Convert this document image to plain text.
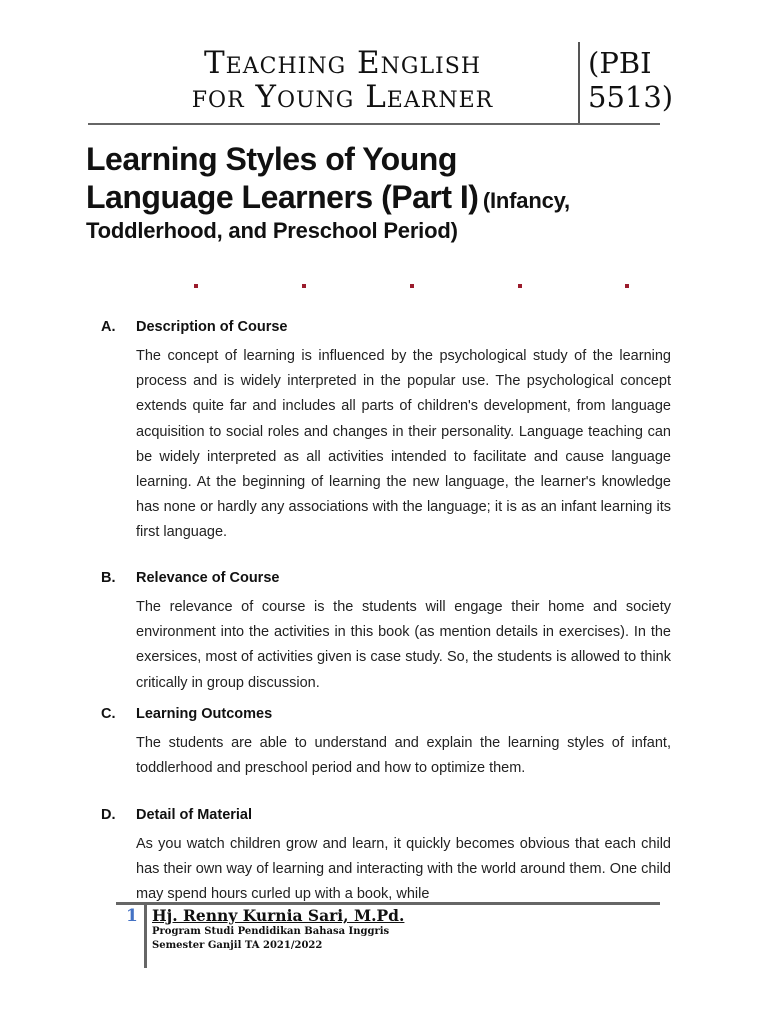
Teaching English
for Young Learner
(PBI
5513)
Learning Styles of Young
Language Learners (Part I) (Infancy,
Toddlerhood, and Preschool Period)
A. Description of Course
The concept of learning is influenced by the psychological study of the learning process and is widely interpreted in the popular use. The psychological concept extends quite far and includes all parts of children's development, from language acquisition to social roles and changes in their personality. Language teaching can be widely interpreted as all activities intended to facilitate and cause language learning. At the beginning of learning the new language, the learner's knowledge has none or hardly any associations with the language; it is as an infant learning its first language.
B. Relevance of Course
The relevance of course is the students will engage their home and society environment into the activities in this book (as mention details in exercises). In the exersices, most of activities given is case study. So, the students is allowed to think critically in group discussion.
C. Learning Outcomes
The students are able to understand and explain the learning styles of infant, toddlerhood and preschool period and how to optimize them.
D. Detail of Material
As you watch children grow and learn, it quickly becomes obvious that each child has their own way of learning and interacting with the world around them. One child may spend hours curled up with a book, while
1 Hj. Renny Kurnia Sari, M.Pd.
Program Studi Pendidikan Bahasa Inggris
Semester Ganjil TA 2021/2022
